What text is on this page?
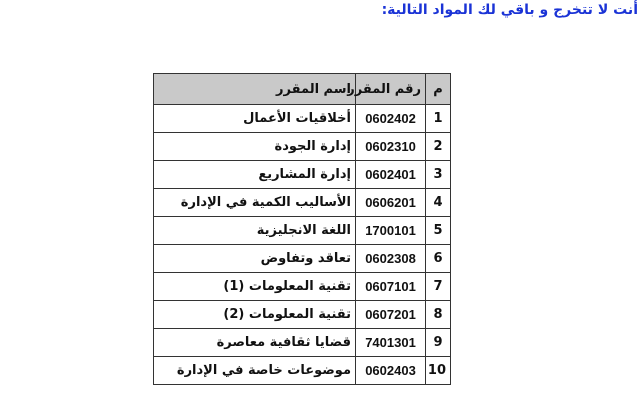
أنت لا تتخرج و باقي لك المواد التالية:

م	رقم المقرر	اسم المقرر
1	0602402	أخلاقيات الأعمال
2	0602310	إدارة الجودة
3	0602401	إدارة المشاريع
4	0606201	الأساليب الكمية في الإدارة
5	1700101	اللغة الانجليزية
6	0602308	تعاقد وتفاوض
7	0607101	تقنية المعلومات (1)
8	0607201	تقنية المعلومات (2)
9	7401301	قضايا ثقافية معاصرة
10	0602403	موضوعات خاصة في الإدارة
